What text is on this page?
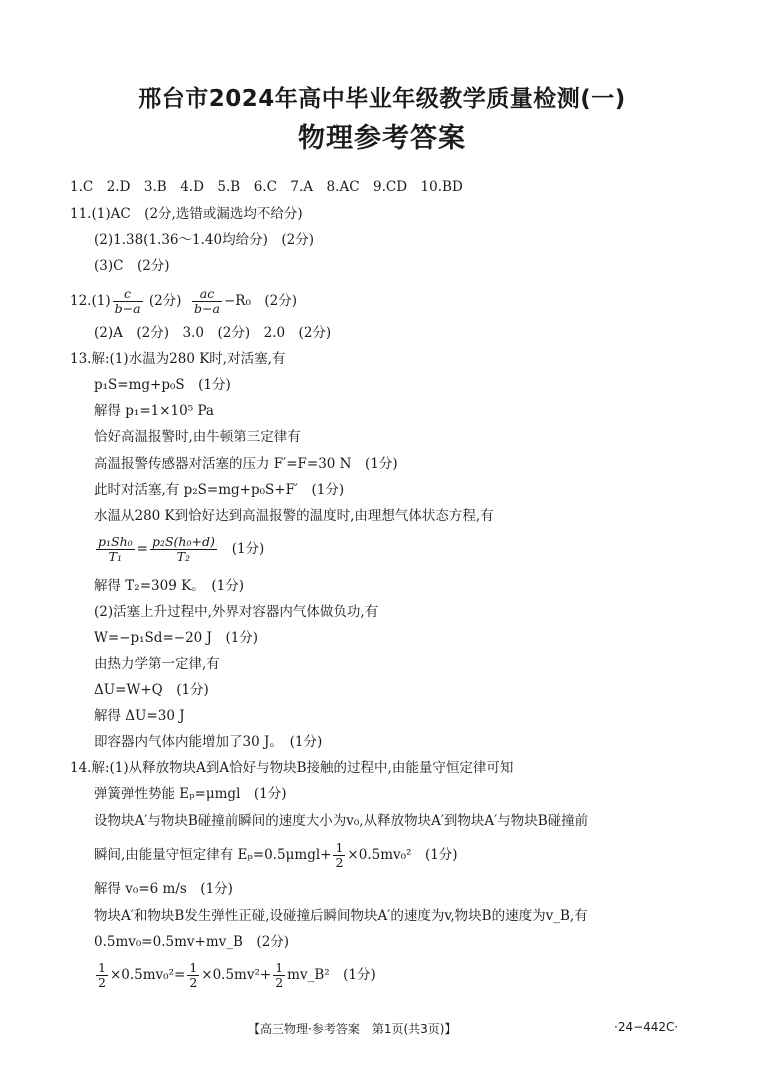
邢台市2024年高中毕业年级教学质量检测(一)
物理参考答案
1.C　2.D　3.B　4.D　5.B　6.C　7.A　8.AC　9.CD　10.BD
11.(1)AC　(2分,选错或漏选均不给分)
(2)1.38(1.36～1.40均给分)　(2分)
(3)C　(2分)
$12.(1) \frac{c}{b-a} (2$分) $\frac{ac}{b-a} -R_0$　(2分)
(2)A　(2分)　3.0　(2分)　2.0　(2分)
13.解:(1)水温为280 K时,对活塞,有
p₁S=mg+p₀S　(1分)
解得 p₁=1×10⁵ Pa
恰好高温报警时,由牛顿第三定律有
高温报警传感器对活塞的压力 F′=F=30 N　(1分)
此时对活塞,有 p₂S=mg+p₀S+F′　(1分)
水温从280 K到恰好达到高温报警的温度时,由理想气体状态方程,有
$\frac{\text{p₁Sh₀}}{\text{T₁}} = \frac{\text{p₂S(h₀+d)}}{\text{T₂}} (1$分)
解得 T₂=309 K。　(1分)
(2)活塞上升过程中,外界对容器内气体做负功,有
W=−p₁Sd=−20 J　(1分)
由热力学第一定律,有
ΔU=W+Q　(1分)
解得 ΔU=30 J
即容器内气体内能增加了30 J。　(1分)
14.解:(1)从释放物块A到A恰好与物块B接触的过程中,由能量守恒定律可知
弹簧弹性势能 Eₚ=μmgl　(1分)
设物块A′与物块B碰撞前瞬间的速度大小为v₀,从释放物块A′到物块A′与物块B碰撞前
瞬间,由能量守恒定律有 $E_p=0.5\mu mgl+ \frac{1}{2} \times 0.5mv_0^2$　(1分)
解得 v₀=6 m/s　(1分)
物块A′和物块B发生弹性正碰,设碰撞后瞬间物块A′的速度为v,物块B的速度为v_B,有
0.5mv₀=0.5mv+mv_B　(2分)
$\frac{1}{2} \times 0.5mv_0^2= \frac{1}{2} \times 0.5mv^2+ \frac{1}{2}$ mv_B²　(1分)
【高三物理·参考答案　第1页(共3页)】	·24−442C·
